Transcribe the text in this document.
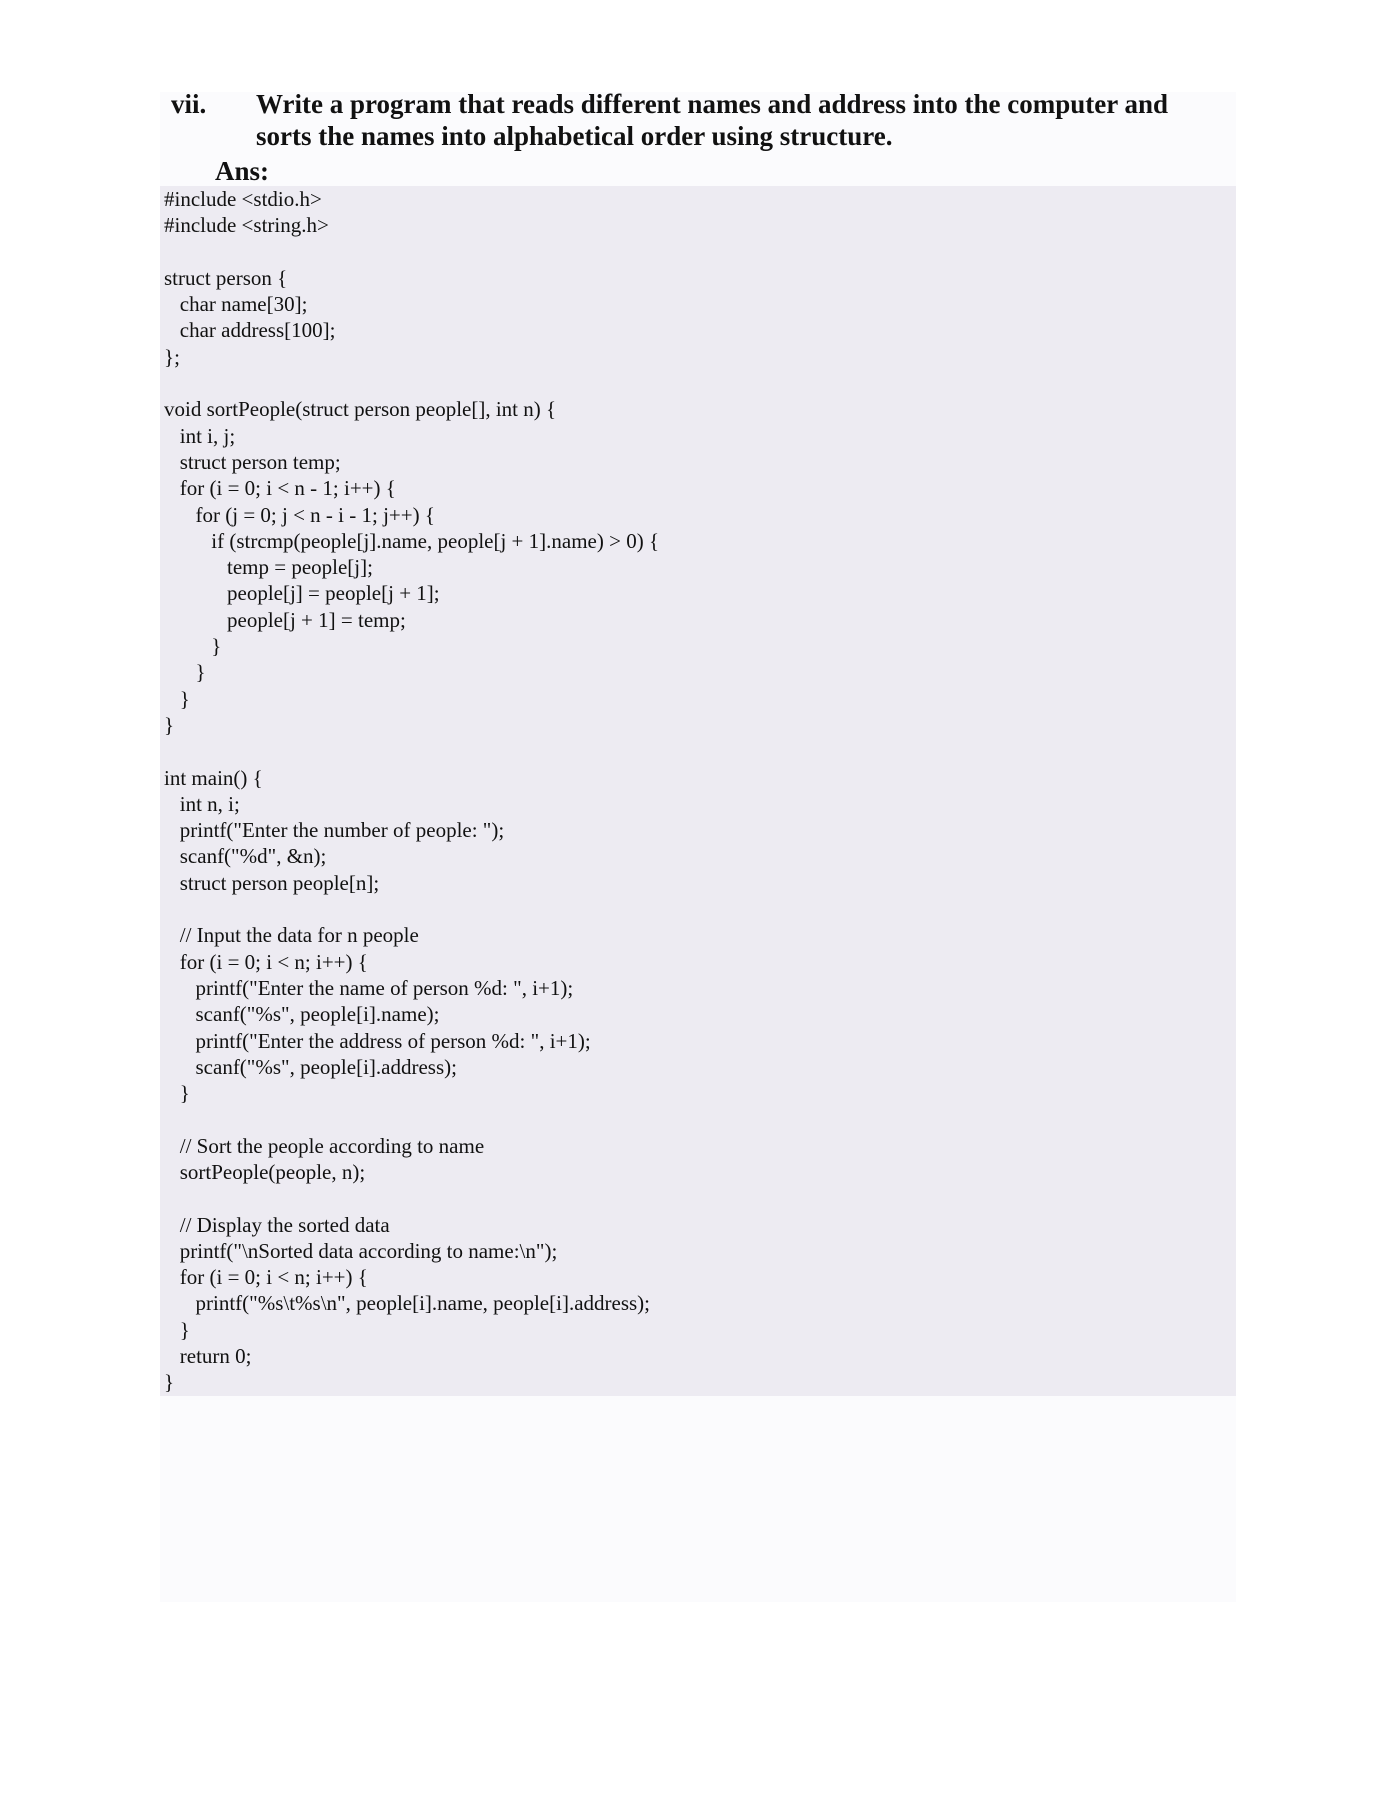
vii. Write a program that reads different names and address into the computer and sorts the names into alphabetical order using structure.
Ans:
#include <stdio.h>
#include <string.h>
struct person {
char name[30];
char address[100];
};
void sortPeople(struct person people[], int n) {
int i, j;
struct person temp;
for (i = 0; i < n - 1; i++) {
for (j = 0; j < n - i - 1; j++) {
if (strcmp(people[j].name, people[j + 1].name) > 0) {
temp = people[j];
people[j] = people[j + 1];
people[j + 1] = temp;
}
}
}
}
int main() {
int n, i;
printf("Enter the number of people: ");
scanf("%d", &n);
struct person people[n];
// Input the data for n people
for (i = 0; i < n; i++) {
printf("Enter the name of person %d: ", i+1);
scanf("%s", people[i].name);
printf("Enter the address of person %d: ", i+1);
scanf("%s", people[i].address);
}
// Sort the people according to name
sortPeople(people, n);
// Display the sorted data
printf("\nSorted data according to name:\n");
for (i = 0; i < n; i++) {
printf("%s\t%s\n", people[i].name, people[i].address);
}
return 0;
}
